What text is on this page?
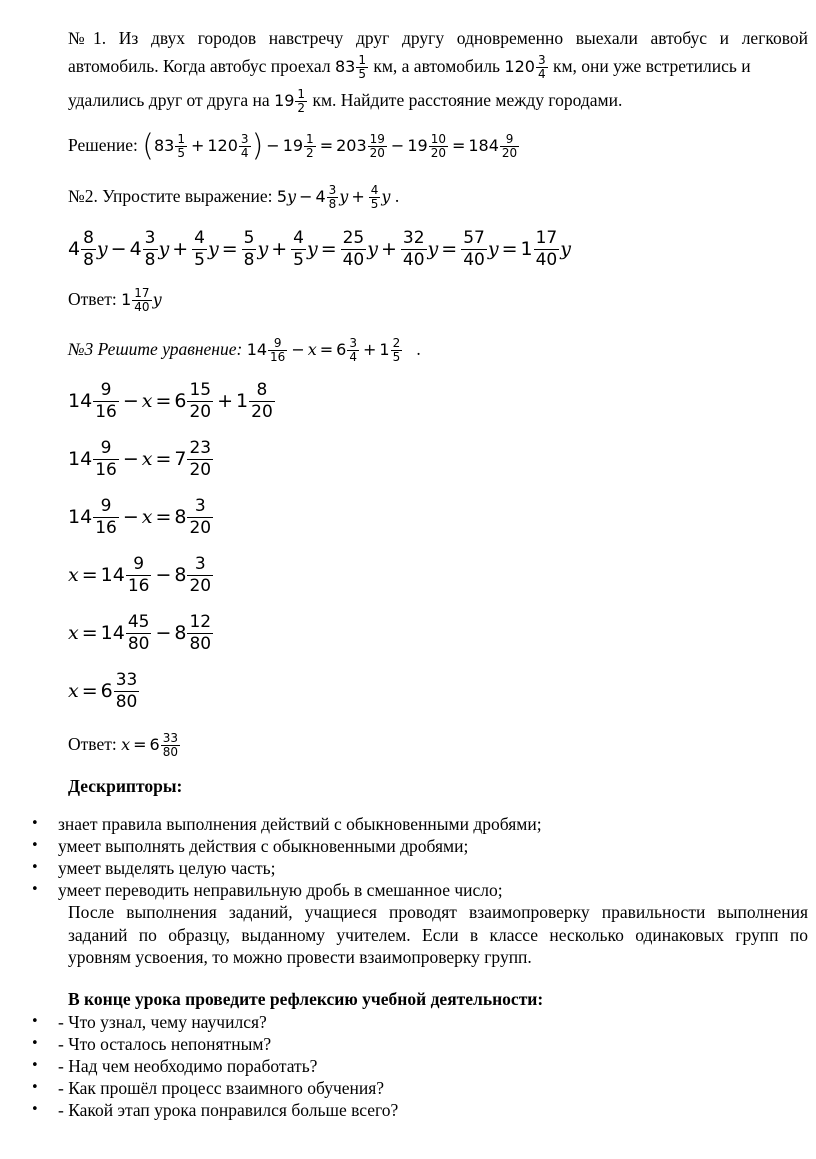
№1. Из двух городов навстречу друг другу одновременно выехали автобус и легковой
автомобиль. Когда автобус проехал $83 \frac{1}{5}$ км, а автомобиль $120 \frac{3}{4}$ км, они уже встретились и
удалились друг от друга на $19 \frac{1}{2}$ км. Найдите расстояние между городами.
Решение: ($83 \frac{1}{5} + 120 \frac{3}{4}$ ) − $19 \frac{1}{2} = 203 \frac{19}{20} - 19 \frac{10}{20} = 184 \frac{9}{20}$
№2. Упростите выражение: $5y - 4 \frac{3}{8}$ $y + \frac{4}{5}$ y .
$4 \frac{8}{8}$ $y - 4 \frac{3}{8}$ $y + \frac{4}{5}$ $y = \frac{5}{8}$ $y + \frac{4}{5}$ $y = \frac{25}{40}$ $y + \frac{32}{40}$ $y = \frac{57}{40}$ $y = 1 \frac{17}{40}$ y
Ответ: $1 \frac{17}{40}$ y
№3 Решите уравнение: $14 \frac{9}{16} - x = 6 \frac{3}{4} + 1 \frac{2}{5}$ .
$14 \frac{9}{16} - x = 6 \frac{15}{20} + 1 \frac{8}{20}$
$14 \frac{9}{16} - x = 7 \frac{23}{20}$
$14 \frac{9}{16} - x = 8 \frac{3}{20}$
$x = 14 \frac{9}{16} - 8 \frac{3}{20}$
$x = 14 \frac{45}{80} - 8 \frac{12}{80}$
$x = 6 \frac{33}{80}$
Ответ: $x = 6 \frac{33}{80}$
Дескрипторы:
• знает правила выполнения действий с обыкновенными дробями;
• умеет выполнять действия с обыкновенными дробями;
• умеет выделять целую часть;
• умеет переводить неправильную дробь в смешанное число;
После выполнения заданий, учащиеся проводят взаимопроверку правильности выполнения
заданий по образцу, выданному учителем. Если в классе несколько одинаковых групп по
уровням усвоения, то можно провести взаимопроверку групп.
В конце урока проведите рефлексию учебной деятельности:
• - Что узнал, чему научился?
• - Что осталось непонятным?
• - Над чем необходимо поработать?
• - Как прошёл процесс взаимного обучения?
• - Какой этап урока понравился больше всего?
